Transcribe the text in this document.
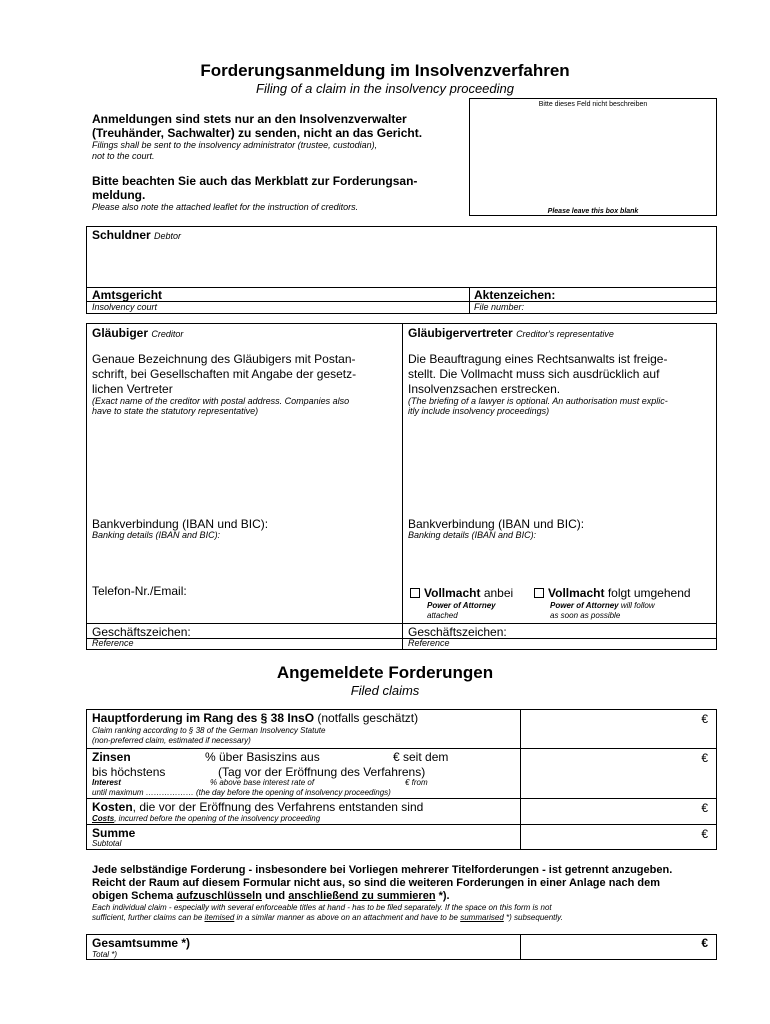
Forderungsanmeldung im Insolvenzverfahren
Filing of a claim in the insolvency proceeding
Anmeldungen sind stets nur an den Insolvenzverwalter
(Treuhänder, Sachwalter) zu senden, nicht an das Gericht.
Filings shall be sent to the insolvency administrator (trustee, custodian),
not to the court.
Bitte beachten Sie auch das Merkblatt zur Forderungsan-
meldung.
Please also note the attached leaflet for the instruction of creditors.
Bitte dieses Feld nicht beschreiben
Please leave this box blank
Schuldner Debtor
Amtsgericht
Insolvency court
Aktenzeichen:
File number:
Gläubiger Creditor
Genaue Bezeichnung des Gläubigers mit Postan-
schrift, bei Gesellschaften mit Angabe der gesetz-
lichen Vertreter
(Exact name of the creditor with postal address. Companies also
have to state the statutory representative)
Bankverbindung (IBAN und BIC):
Banking details (IBAN and BIC):
Telefon-Nr./Email:
Geschäftszeichen:
Reference
Gläubigervertreter Creditor's representative
Die Beauftragung eines Rechtsanwalts ist freige-
stellt. Die Vollmacht muss sich ausdrücklich auf
Insolvenzsachen erstrecken.
(The briefing of a lawyer is optional. An authorisation must explic-
itly include insolvency proceedings)
Bankverbindung (IBAN und BIC):
Banking details (IBAN and BIC):
Vollmacht anbei
Power of Attorney
attached
Vollmacht folgt umgehend
Power of Attorney will follow
as soon as possible
Geschäftszeichen:
Reference
Angemeldete Forderungen
Filed claims
Hauptforderung im Rang des § 38 InsO (notfalls geschätzt)
Claim ranking according to § 38 of the German Insolvency Statute
(non-preferred claim, estimated if necessary)
€
Zinsen	% über Basiszins aus	€ seit dem
bis höchstens	(Tag vor der Eröffnung des Verfahrens)
Interest	% above base interest rate of	€ from
until maximum ……………… (the day before the opening of insolvency proceedings)
€
Kosten, die vor der Eröffnung des Verfahrens entstanden sind
Costs, incurred before the opening of the insolvency proceeding
€
Summe
Subtotal
€
Jede selbständige Forderung - insbesondere bei Vorliegen mehrerer Titelforderungen - ist getrennt anzugeben.
Reicht der Raum auf diesem Formular nicht aus, so sind die weiteren Forderungen in einer Anlage nach dem
obigen Schema aufzuschlüsseln und anschließend zu summieren *).
Each individual claim - especially with several enforceable titles at hand - has to be filed separately. If the space on this form is not
sufficient, further claims can be itemised in a similar manner as above on an attachment and have to be summarised *) subsequently.
Gesamtsumme *)
Total *)
€
